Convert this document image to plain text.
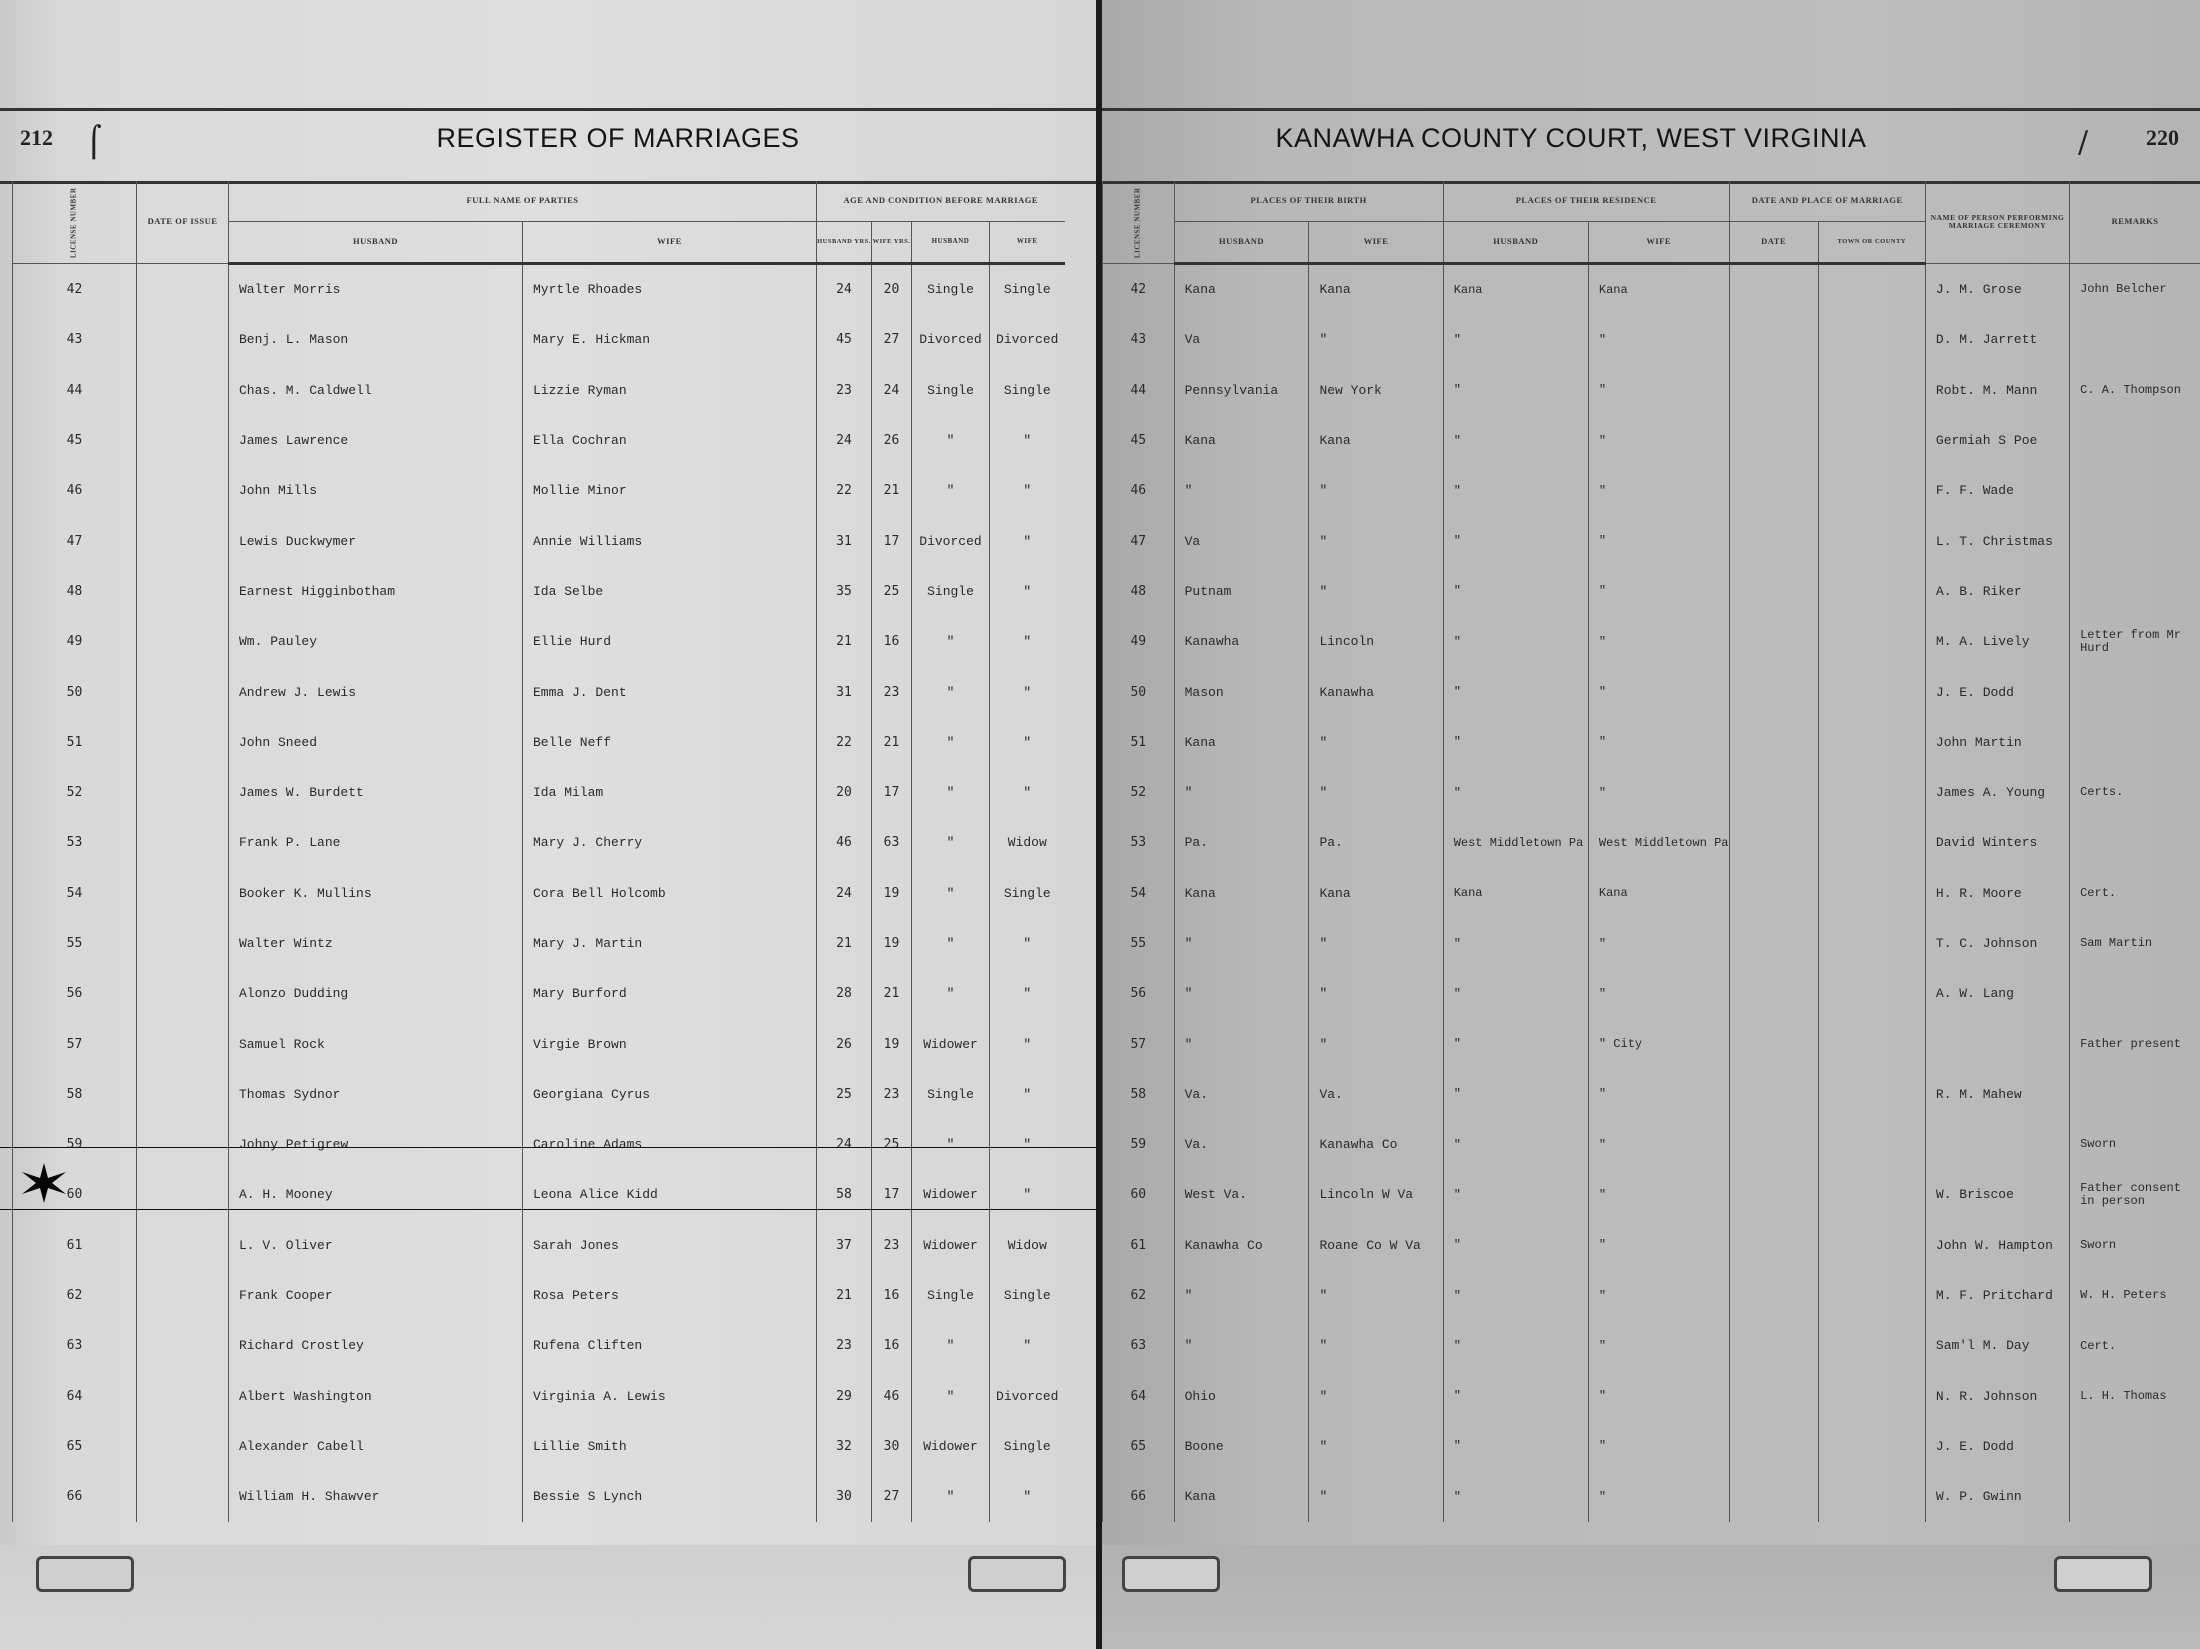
212 ⌠	REGISTER OF MARRIAGES
LICENSE NUMBER	DATE OF ISSUE	FULL NAME OF PARTIES		AGE AND CONDITION BEFORE MARRIAGE			
		HUSBAND	WIFE	HUSBAND YRS.	WIFE YRS.	HUSBAND	WIFE
42		Walter Morris	Myrtle Rhoades	24	20	Single	Single
43		Benj. L. Mason	Mary E. Hickman	45	27	Divorced	Divorced
44		Chas. M. Caldwell	Lizzie Ryman	23	24	Single	Single
45		James Lawrence	Ella Cochran	24	26	"	"
46		John Mills	Mollie Minor	22	21	"	"
47		Lewis Duckwymer	Annie Williams	31	17	Divorced	"
48		Earnest Higginbotham	Ida Selbe	35	25	Single	"
49		Wm. Pauley	Ellie Hurd	21	16	"	"
50		Andrew J. Lewis	Emma J. Dent	31	23	"	"
51		John Sneed	Belle Neff	22	21	"	"
52		James W. Burdett	Ida Milam	20	17	"	"
53		Frank P. Lane	Mary J. Cherry	46	63	"	Widow
54		Booker K. Mullins	Cora Bell Holcomb	24	19	"	Single
55		Walter Wintz	Mary J. Martin	21	19	"	"
56		Alonzo Dudding	Mary Burford	28	21	"	"
57		Samuel Rock	Virgie Brown	26	19	Widower	"
58		Thomas Sydnor	Georgiana Cyrus	25	23	Single	"
59		Johny Petigrew	Caroline Adams	24	25	"	"
60		A. H. Mooney	Leona Alice Kidd	58	17	Widower	"
61		L. V. Oliver	Sarah Jones	37	23	Widower	Widow
62		Frank Cooper	Rosa Peters	21	16	Single	Single
63		Richard Crostley	Rufena Cliften	23	16	"	"
64		Albert Washington	Virginia A. Lewis	29	46	"	Divorced
65		Alexander Cabell	Lillie Smith	32	30	Widower	Single
66		William H. Shawver	Bessie S Lynch	30	27	"	"
KANAWHA COUNTY COURT, WEST VIRGINIA	/	220
LICENSE NUMBER	PLACES OF THEIR BIRTH		PLACES OF THEIR RESIDENCE		DATE AND PLACE OF MARRIAGE		NAME OF PERSON PERFORMING MARRIAGE CEREMONY	REMARKS
	HUSBAND	WIFE	HUSBAND	WIFE	DATE	TOWN OR COUNTY		
42	Kana	Kana	Kana	Kana			J. M. Grose	John Belcher
43	Va	"	"	"			D. M. Jarrett	
44	Pennsylvania	New York	"	"			Robt. M. Mann	C. A. Thompson
45	Kana	Kana	"	"			Germiah S Poe	
46	"	"	"	"			F. F. Wade	
47	Va	"	"	"			L. T. Christmas	
48	Putnam	"	"	"			A. B. Riker	
49	Kanawha	Lincoln	"	"			M. A. Lively	Letter from Mr Hurd
50	Mason	Kanawha	"	"			J. E. Dodd	
51	Kana	"	"	"			John Martin	
52	"	"	"	"			James A. Young	Certs.
53	Pa.	Pa.	West Middletown Pa	West Middletown Pa			David Winters	
54	Kana	Kana	Kana	Kana			H. R. Moore	Cert.
55	"	"	"	"			T. C. Johnson	Sam Martin
56	"	"	"	"			A. W. Lang	
57	"	"	"	" City				Father present
58	Va.	Va.	"	"			R. M. Mahew	
59	Va.	Kanawha Co	"	"				Sworn
60	West Va.	Lincoln W Va	"	"			W. Briscoe	Father consent in person
61	Kanawha Co	Roane Co W Va	"	"			John W. Hampton	Sworn
62	"	"	"	"			M. F. Pritchard	W. H. Peters
63	"	"	"	"			Sam'l M. Day	Cert.
64	Ohio	"	"	"			N. R. Johnson	L. H. Thomas
65	Boone	"	"	"			J. E. Dodd	
66	Kana	"	"	"			W. P. Gwinn	
